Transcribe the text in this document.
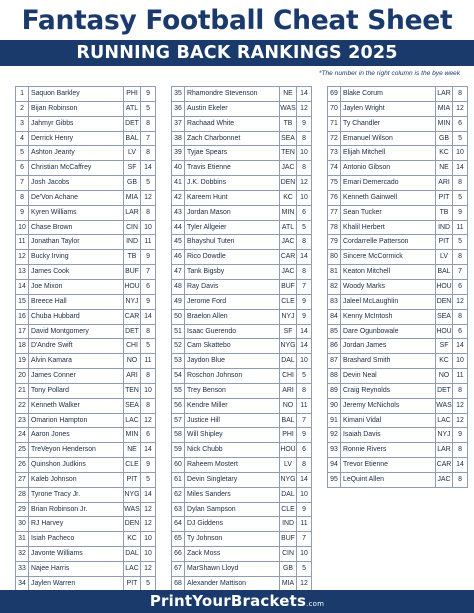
Fantasy Football Cheat Sheet
RUNNING BACK RANKINGS 2025
*The number in the right column is the bye week
1	Saquon Barkley	PHI	9
2	Bijan Robinson	ATL	5
3	Jahmyr Gibbs	DET	8
4	Derrick Henry	BAL	7
5	Ashton Jeanty	LV	8
6	Christian McCaffrey	SF	14
7	Josh Jacobs	GB	5
8	De'Von Achane	MIA 12
9	Kyren Williams	LAR	8
10 Chase Brown	CIN 10
11 Jonathan Taylor	IND 11
12 Bucky Irving	TB	9
13 James Cook	BUF	7
14 Joe Mixon	HOU 6
15 Breece Hall	NYJ	9
16 Chuba Hubbard	CAR 14
17 David Montgomery	DET	8
18 D'Andre Swift	CHI	5
19 Alvin Kamara	NO	11
20 James Conner	ARI	8
21 Tony Pollard	TEN 10
22 Kenneth Walker	SEA	8
23 Omarion Hampton	LAC 12
24 Aaron Jones	MIN	6
25 TreVeyon Henderson	NE	14
26 Quinshon Judkins	CLE	9
27 Kaleb Johnson	PIT	5
28 Tyrone Tracy Jr.	NYG 14
29 Brian Robinson Jr.	WAS 12
30 RJ Harvey	DEN 12
31 Isiah Pacheco	KC	10
32 Javonte Williams	DAL 10
33 Najee Harris	LAC 12
34 Jaylen Warren	PIT	5
35 Rhamondre Stevenson	NE	14
36 Austin Ekeler	WAS 12
37 Rachaad White	TB	9
38 Zach Charbonnet	SEA	8
39 Tyjae Spears	TEN 10
40 Travis Etienne	JAC	8
41 J.K. Dobbins	DEN 12
42 Kareem Hunt	KC	10
43 Jordan Mason	MIN	6
44 Tyler Allgeier	ATL	5
45 Bhayshul Tuten	JAC	8
46 Rico Dowdle	CAR 14
47 Tank Bigsby	JAC	8
48 Ray Davis	BUF	7
49 Jerome Ford	CLE	9
50 Braelon Allen	NYJ	9
51 Isaac Guerendo	SF	14
52 Cam Skattebo	NYG 14
53 Jaydon Blue	DAL 10
54 Roschon Johnson	CHI	5
55 Trey Benson	ARI	8
56 Kendre Miller	NO	11
57 Justice Hill	BAL	7
58 Will Shipley	PHI	9
59 Nick Chubb	HOU 6
60 Raheem Mostert	LV	8
61 Devin Singletary	NYG 14
62 Miles Sanders	DAL 10
63 Dylan Sampson	CLE	9
64 DJ Giddens	IND 11
65 Ty Johnson	BUF	7
66 Zack Moss	CIN 10
67 MarShawn Lloyd	GB	5
68 Alexander Mattison	MIA 12
69 Blake Corum	LAR	8
70 Jaylen Wright	MIA 12
71 Ty Chandler	MIN	6
72 Emanuel Wilson	GB	5
73 Elijah Mitchell	KC	10
74 Antonio Gibson	NE	14
75 Emari Demercado	ARI	8
76 Kenneth Gainwell	PIT	5
77 Sean Tucker	TB	9
78 Khalil Herbert	IND 11
79 Cordarrelle Patterson	PIT	5
80 Sincere McCormick	LV	8
81 Keaton Mitchell	BAL	7
82 Woody Marks	HOU 6
83 Jaleel McLaughlin	DEN 12
84 Kenny McIntosh	SEA	8
85 Dare Ogunbowale	HOU 6
86 Jordan James	SF	14
87 Brashard Smith	KC	10
88 Devin Neal	NO	11
89 Craig Reynolds	DET	8
90 Jeremy McNichols	WAS 12
91 Kimani Vidal	LAC 12
92 Isaiah Davis	NYJ	9
93 Ronnie Rivers	LAR	8
94 Trevor Etienne	CAR 14
95 LeQuint Allen	JAC	8
PrintYourBrackets.com
